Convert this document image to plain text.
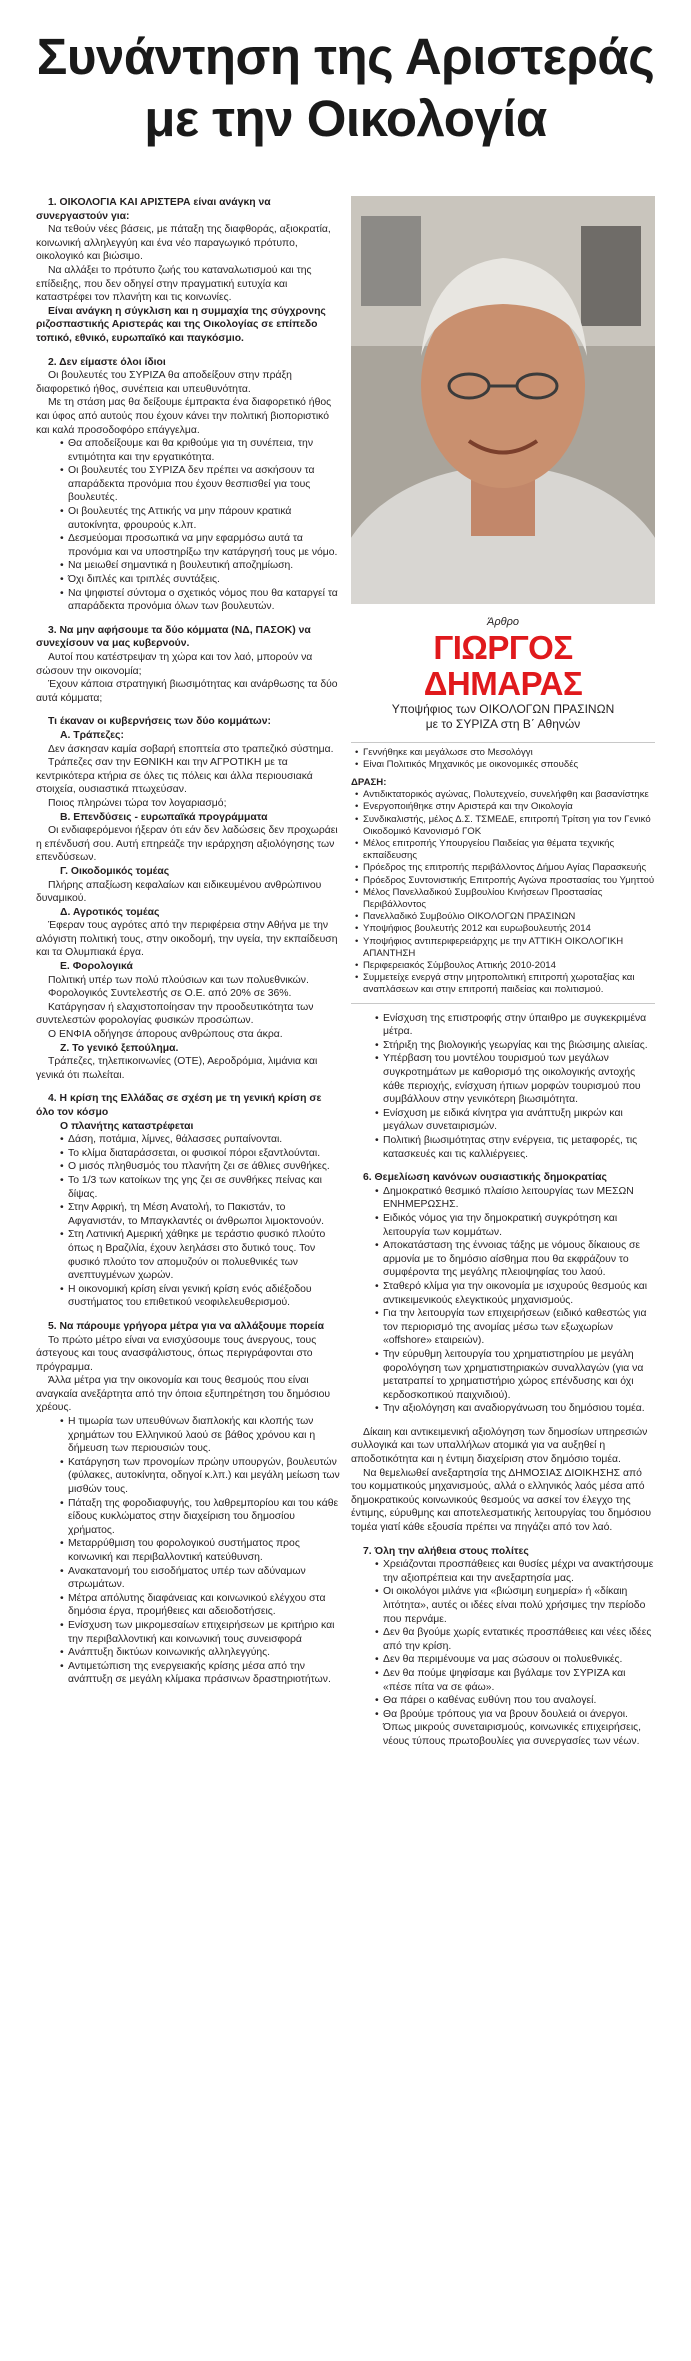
Συνάντηση της Αριστεράς
με την Οικολογία
1. ΟΙΚΟΛΟΓΙΑ ΚΑΙ ΑΡΙΣΤΕΡΑ είναι ανάγκη να συνεργαστούν για:
Να τεθούν νέες βάσεις, με πάταξη της διαφθοράς, αξιοκρατία, κοινωνική αλληλεγγύη και ένα νέο παραγωγικό πρότυπο, οικολογικό και βιώσιμο.
Να αλλάξει το πρότυπο ζωής του καταναλωτισμού και της επίδειξης, που δεν οδηγεί στην πραγματική ευτυχία και καταστρέφει τον πλανήτη και τις κοινωνίες.
Είναι ανάγκη η σύγκλιση και η συμμαχία της σύγχρονης ριζοσπαστικής Αριστεράς και της Οικολογίας σε επίπεδο τοπικό, εθνικό, ευρωπαϊκό και παγκόσμιο.
2. Δεν είμαστε όλοι ίδιοι
Οι βουλευτές του ΣΥΡΙΖΑ θα αποδείξουν στην πράξη διαφορετικό ήθος, συνέπεια και υπευθυνότητα.
Με τη στάση μας θα δείξουμε έμπρακτα ένα διαφορετικό ήθος και ύφος από αυτούς που έχουν κάνει την πολιτική βιοποριστικό και καλά προσοδοφόρο επάγγελμα.
• Θα αποδείξουμε και θα κριθούμε για τη συνέπεια, την εντιμότητα και την εργατικότητα.
• Οι βουλευτές του ΣΥΡΙΖΑ δεν πρέπει να ασκήσουν τα απαράδεκτα προνόμια που έχουν θεσπισθεί για τους βουλευτές.
• Οι βουλευτές της Αττικής να μην πάρουν κρατικά αυτοκίνητα, φρουρούς κ.λπ.
• Δεσμεύομαι προσωπικά να μην εφαρμόσω αυτά τα προνόμια και να υποστηρίξω την κατάργησή τους με νόμο.
• Να μειωθεί σημαντικά η βουλευτική αποζημίωση.
• Όχι διπλές και τριπλές συντάξεις.
• Να ψηφιστεί σύντομα ο σχετικός νόμος που θα καταργεί τα απαράδεκτα προνόμια όλων των βουλευτών.
3. Να μην αφήσουμε τα δύο κόμματα (ΝΔ, ΠΑΣΟΚ) να συνεχίσουν να μας κυβερνούν.
Αυτοί που κατέστρεψαν τη χώρα και τον λαό, μπορούν να σώσουν την οικονομία;
Έχουν κάποια στρατηγική βιωσιμότητας και ανάρθωσης τα δύο αυτά κόμματα;
Τι έκαναν οι κυβερνήσεις των δύο κομμάτων:
Α. Τράπεζες:
Δεν άσκησαν καμία σοβαρή εποπτεία στο τραπεζικό σύστημα.
Τράπεζες σαν την ΕΘΝΙΚΗ και την ΑΓΡΟΤΙΚΗ με τα κεντρικότερα κτήρια σε όλες τις πόλεις και άλλα περιουσιακά στοιχεία, ουσιαστικά πτωχεύσαν.
Ποιος πληρώνει τώρα τον λογαριασμό;
Β. Επενδύσεις - ευρωπαϊκά προγράμματα
Οι ενδιαφερόμενοι ήξεραν ότι εάν δεν λαδώσεις δεν προχωράει η επένδυσή σου. Αυτή επηρεάζε την ιεράρχηση αξιολόγησης των επενδύσεων.
Γ. Οικοδομικός τομέας
Πλήρης απαξίωση κεφαλαίων και ειδικευμένου ανθρώπινου δυναμικού.
Δ. Αγροτικός τομέας
Έφεραν τους αγρότες από την περιφέρεια στην Αθήνα με την αλόγιστη πολιτική τους, στην οικοδομή, την υγεία, την εκπαίδευση και τα Ολυμπιακά έργα.
Ε. Φορολογικά
Πολιτική υπέρ των πολύ πλούσιων και των πολυεθνικών.
Φορολογικός Συντελεστής σε Ο.Ε. από 20% σε 36%.
Κατάργησαν ή ελαχιστοποίησαν την προοδευτικότητα των συντελεστών φορολογίας φυσικών προσώπων.
Ο ΕΝΦΙΑ οδήγησε άπορους ανθρώπους στα άκρα.
Ζ. Το γενικό ξεπούλημα.
Τράπεζες, τηλεπικοινωνίες (ΟΤΕ), Αεροδρόμια, λιμάνια και γενικά ότι πωλείται.
4. Η κρίση της Ελλάδας σε σχέση με τη γενική κρίση σε όλο τον κόσμο
Ο πλανήτης καταστρέφεται
• Δάση, ποτάμια, λίμνες, θάλασσες ρυπαίνονται.
• Το κλίμα διαταράσσεται, οι φυσικοί πόροι εξαντλούνται.
• Ο μισός πληθυσμός του πλανήτη ζει σε άθλιες συνθήκες.
• Το 1/3 των κατοίκων της γης ζει σε συνθήκες πείνας και δίψας.
• Στην Αφρική, τη Μέση Ανατολή, το Πακιστάν, το Αφγανιστάν, το Μπαγκλαντές οι άνθρωποι λιμοκτονούν.
• Στη Λατινική Αμερική χάθηκε με τεράστιο φυσικό πλούτο όπως η Βραζιλία, έχουν λεηλάσει στο δυτικό τους. Τον φυσικό πλούτο τον απομυζούν οι πολυεθνικές των ανεπτυγμένων χωρών.
• Η οικονομική κρίση είναι γενική κρίση ενός αδιέξοδου συστήματος του επιθετικού νεοφιλελευθερισμού.
5. Να πάρουμε γρήγορα μέτρα για να αλλάξουμε πορεία
Το πρώτο μέτρο είναι να ενισχύσουμε τους άνεργους, τους άστεγους και τους ανασφάλιστους, όπως περιγράφονται στο πρόγραμμα.
Άλλα μέτρα για την οικονομία και τους θεσμούς που είναι αναγκαία ανεξάρτητα από την όποια εξυπηρέτηση του δημόσιου χρέους.
• Η τιμωρία των υπευθύνων διαπλοκής και κλοπής των χρημάτων του Ελληνικού λαού σε βάθος χρόνου και η δήμευση των περιουσιών τους.
• Κατάργηση των προνομίων πρώην υπουργών, βουλευτών (φύλακες, αυτοκίνητα, οδηγοί κ.λπ.) και μεγάλη μείωση των μισθών τους.
• Πάταξη της φοροδιαφυγής, του λαθρεμπορίου και του κάθε είδους κυκλώματος στην διαχείριση του δημοσίου χρήματος.
• Μεταρρύθμιση του φορολογικού συστήματος προς κοινωνική και περιβαλλοντική κατεύθυνση.
• Ανακατανομή του εισοδήματος υπέρ των αδύναμων στρωμάτων.
• Μέτρα απόλυτης διαφάνειας και κοινωνικού ελέγχου στα δημόσια έργα, προμήθειες και αδειοδοτήσεις.
• Ενίσχυση των μικρομεσαίων επιχειρήσεων με κριτήριο και την περιβαλλοντική και κοινωνική τους συνεισφορά
• Ανάπτυξη δικτύων κοινωνικής αλληλεγγύης.
• Αντιμετώπιση της ενεργειακής κρίσης μέσα από την ανάπτυξη σε μεγάλη κλίμακα πράσινων δραστηριοτήτων.
Άρθρο
ΓΙΩΡΓΟΣ ΔΗΜΑΡΑΣ
Υποψήφιος των ΟΙΚΟΛΟΓΩΝ ΠΡΑΣΙΝΩΝ
με το ΣΥΡΙΖΑ στη Β΄ Αθηνών
• Γεννήθηκε και μεγάλωσε στο Μεσολόγγι
• Είναι Πολιτικός Μηχανικός με οικονομικές σπουδές
ΔΡΑΣΗ:
• Αντιδικτατορικός αγώνας, Πολυτεχνείο, συνελήφθη και βασανίστηκε
• Ενεργοποιήθηκε στην Αριστερά και την Οικολογία
• Συνδικαλιστής, μέλος Δ.Σ. ΤΣΜΕΔΕ, επιτροπή Τρίτση για τον Γενικό Οικοδομικό Κανονισμό ΓΟΚ
• Μέλος επιτροπής Υπουργείου Παιδείας για θέματα τεχνικής εκπαίδευσης
• Πρόεδρος της επιτροπής περιβάλλοντος Δήμου Αγίας Παρασκευής
• Πρόεδρος Συντονιστικής Επιτροπής Αγώνα προστασίας του Υμηττού
• Μέλος Πανελλαδικού Συμβουλίου Κινήσεων Προστασίας Περιβάλλοντος
• Πανελλαδικό Συμβούλιο ΟΙΚΟΛΟΓΩΝ ΠΡΑΣΙΝΩΝ
• Υποψήφιος βουλευτής 2012 και ευρωβουλευτής 2014
• Υποψήφιος αντιπεριφερειάρχης με την ΑΤΤΙΚΗ ΟΙΚΟΛΟΓΙΚΗ ΑΠΑΝΤΗΣΗ
• Περιφερειακός Σύμβουλος Αττικής 2010-2014
• Συμμετείχε ενεργά στην μητροπολιτική επιτροπή χωροταξίας και αναπλάσεων και στην επιτροπή παιδείας και πολιτισμού.
• Ενίσχυση της επιστροφής στην ύπαιθρο με συγκεκριμένα μέτρα.
• Στήριξη της βιολογικής γεωργίας και της βιώσιμης αλιείας.
• Υπέρβαση του μοντέλου τουρισμού των μεγάλων συγκροτημάτων με καθορισμό της οικολογικής αντοχής κάθε περιοχής, ενίσχυση ήπιων μορφών τουρισμού που συμβάλλουν στην γενικότερη βιωσιμότητα.
• Ενίσχυση με ειδικά κίνητρα για ανάπτυξη μικρών και μεγάλων συνεταιρισμών.
• Πολιτική βιωσιμότητας στην ενέργεια, τις μεταφορές, τις κατασκευές και τις καλλιέργειες.
6. Θεμελίωση κανόνων ουσιαστικής δημοκρατίας
• Δημοκρατικό θεσμικό πλαίσιο λειτουργίας των ΜΕΣΩΝ ΕΝΗΜΕΡΩΣΗΣ.
• Ειδικός νόμος για την δημοκρατική συγκρότηση και λειτουργία των κομμάτων.
• Αποκατάσταση της έννοιας τάξης με νόμους δίκαιους σε αρμονία με το δημόσιο αίσθημα που θα εκφράζουν το συμφέροντα της μεγάλης πλειοψηφίας του λαού.
• Σταθερό κλίμα για την οικονομία με ισχυρούς θεσμούς και αντικειμενικούς ελεγκτικούς μηχανισμούς.
• Για την λειτουργία των επιχειρήσεων (ειδικό καθεστώς για τον περιορισμό της ανομίας μέσω των εξωχωρίων «offshore» εταιρειών).
• Την εύρυθμη λειτουργία του χρηματιστηρίου με μεγάλη φορολόγηση των χρηματιστηριακών συναλλαγών (για να μετατραπεί το χρηματιστήριο χώρος επένδυσης και όχι κερδοσκοπικού παιχνιδιού).
• Την αξιολόγηση και αναδιοργάνωση του δημόσιου τομέα.
Δίκαιη και αντικειμενική αξιολόγηση των δημοσίων υπηρεσιών συλλογικά και των υπαλλήλων ατομικά για να αυξηθεί η αποδοτικότητα και η έντιμη διαχείριση στον δημόσιο τομέα.
Να θεμελιωθεί ανεξαρτησία της ΔΗΜΟΣΙΑΣ ΔΙΟΙΚΗΣΗΣ από του κομματικούς μηχανισμούς, αλλά ο ελληνικός λαός μέσα από δημοκρατικούς κοινωνικούς θεσμούς να ασκεί τον έλεγχο της έντιμης, εύρυθμης και αποτελεσματικής λειτουργίας του δημόσιου τομέα γιατί κάθε εξουσία πρέπει να πηγάζει από τον λαό.
7. Όλη την αλήθεια στους πολίτες
• Χρειάζονται προσπάθειες και θυσίες μέχρι να ανακτήσουμε την αξιοπρέπεια και την ανεξαρτησία μας.
• Οι οικολόγοι μιλάνε για «βιώσιμη ευημερία» ή «δίκαιη λιτότητα», αυτές οι ιδέες είναι πολύ χρήσιμες την περίοδο που περνάμε.
• Δεν θα βγούμε χωρίς εντατικές προσπάθειες και νέες ιδέες από την κρίση.
• Δεν θα περιμένουμε να μας σώσουν οι πολυεθνικές.
• Δεν θα πούμε ψηφίσαμε και βγάλαμε τον ΣΥΡΙΖΑ και «πέσε πίτα να σε φάω».
• Θα πάρει ο καθένας ευθύνη που του αναλογεί.
• Θα βρούμε τρόπους για να βρουν δουλειά οι άνεργοι. Όπως μικρούς συνεταιρισμούς, κοινωνικές επιχειρήσεις, νέους τύπους πρωτοβουλίες για συνεργασίες των νέων.
